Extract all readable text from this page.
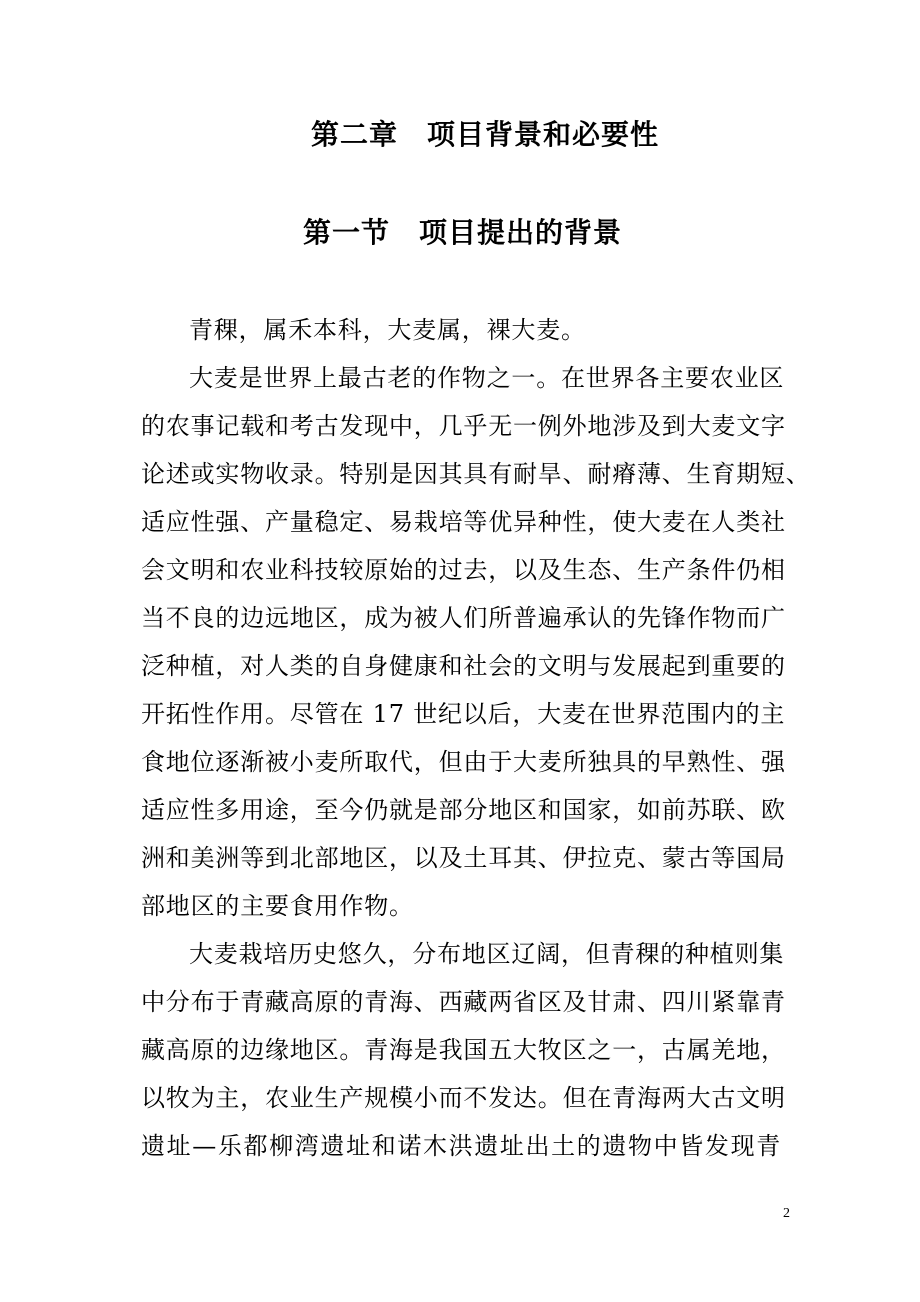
第二章　项目背景和必要性
第一节　项目提出的背景
青稞，属禾本科，大麦属，裸大麦。
大麦是世界上最古老的作物之一。在世界各主要农业区
的农事记载和考古发现中，几乎无一例外地涉及到大麦文字
论述或实物收录。特别是因其具有耐旱、耐瘠薄、生育期短、
适应性强、产量稳定、易栽培等优异种性，使大麦在人类社
会文明和农业科技较原始的过去，以及生态、生产条件仍相
当不良的边远地区，成为被人们所普遍承认的先锋作物而广
泛种植，对人类的自身健康和社会的文明与发展起到重要的
开拓性作用。尽管在 17 世纪以后，大麦在世界范围内的主
食地位逐渐被小麦所取代，但由于大麦所独具的早熟性、强
适应性多用途，至今仍就是部分地区和国家，如前苏联、欧
洲和美洲等到北部地区，以及土耳其、伊拉克、蒙古等国局
部地区的主要食用作物。
大麦栽培历史悠久，分布地区辽阔，但青稞的种植则集
中分布于青藏高原的青海、西藏两省区及甘肃、四川紧靠青
藏高原的边缘地区。青海是我国五大牧区之一，古属羌地，
以牧为主，农业生产规模小而不发达。但在青海两大古文明
遗址—乐都柳湾遗址和诺木洪遗址出土的遗物中皆发现青
2
